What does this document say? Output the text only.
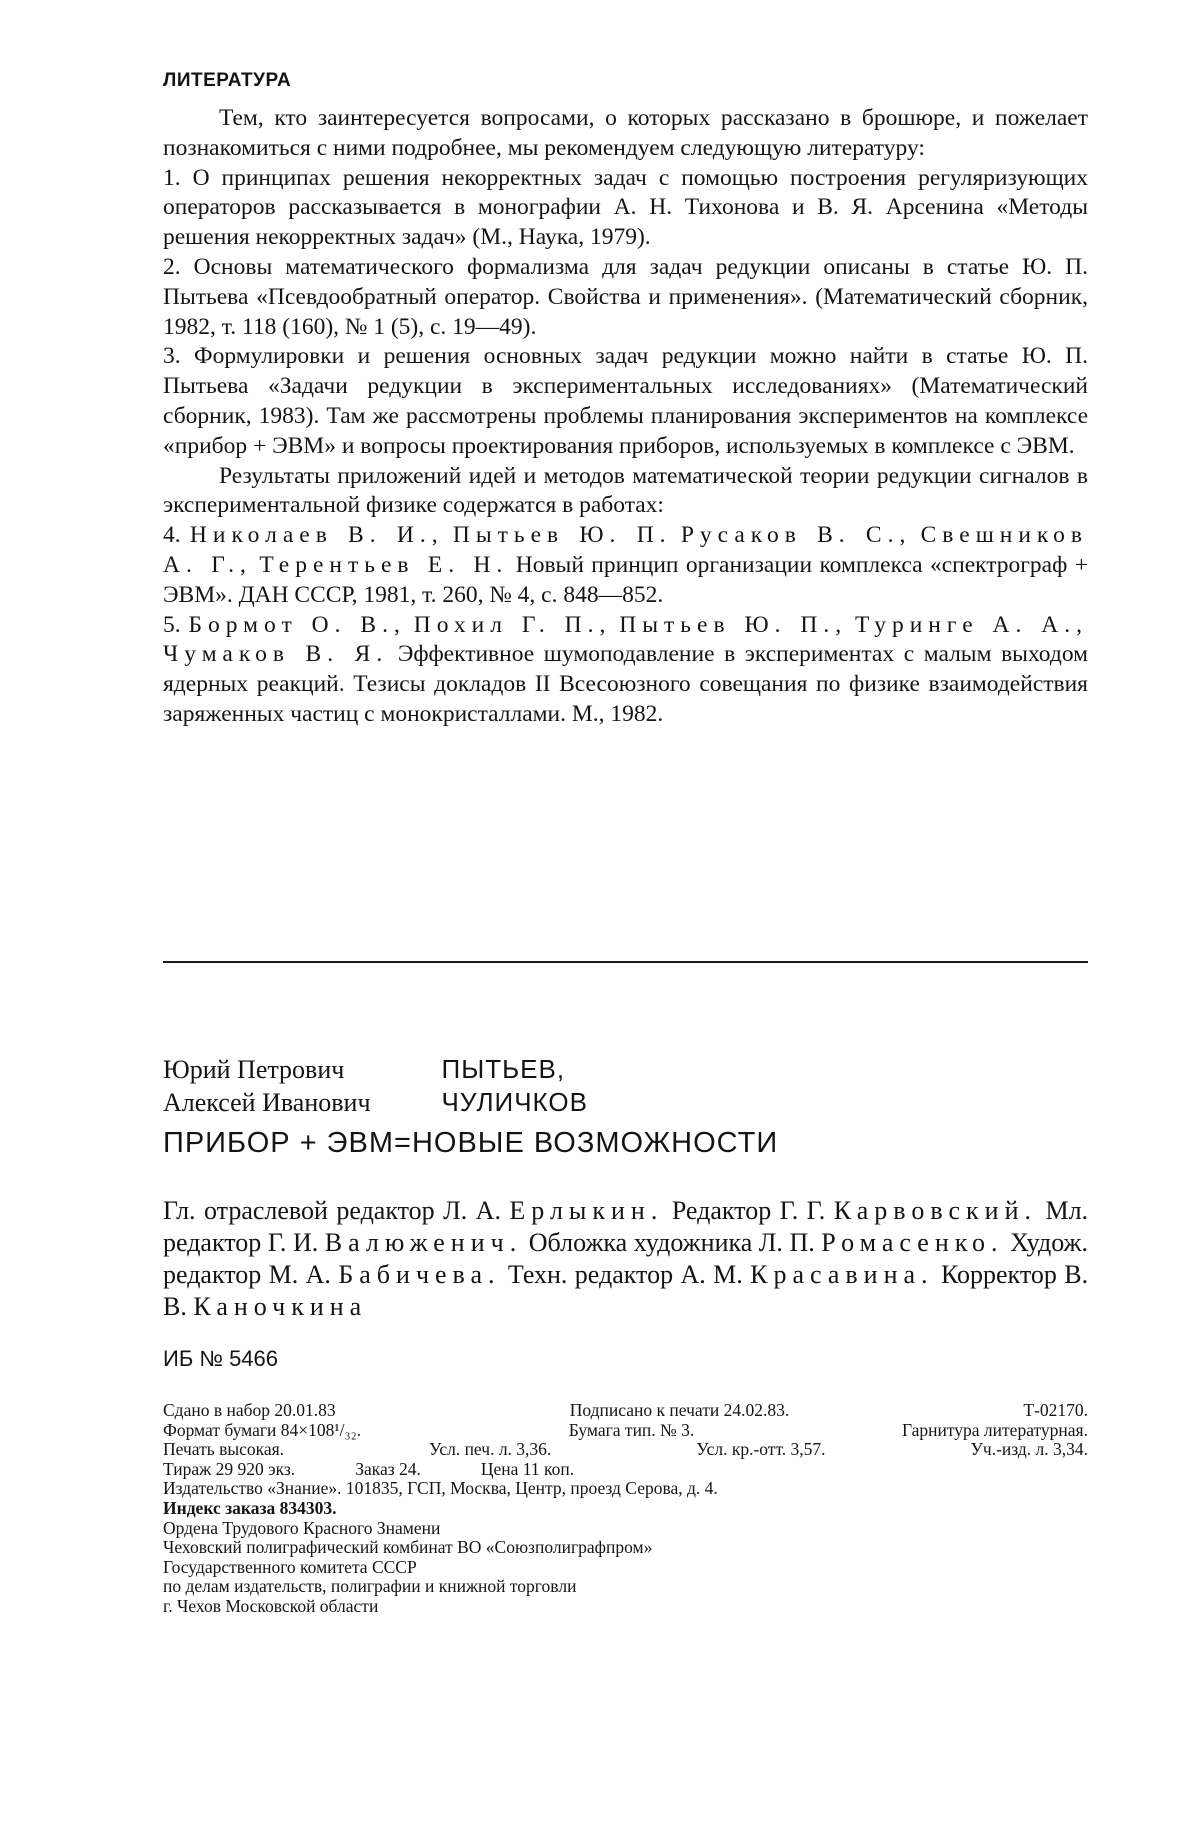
ЛИТЕРАТУРА

Тем, кто заинтересуется вопросами, о которых рассказано в брошюре, и пожелает познакомиться с ними подробнее, мы рекомендуем следующую литературу:

1. О принципах решения некорректных задач с помощью построения регуляризующих операторов рассказывается в монографии А. Н. Тихонова и В. Я. Арсенина «Методы решения некорректных задач» (М., Наука, 1979).

2. Основы математического формализма для задач редукции описаны в статье Ю. П. Пытьева «Псевдообратный оператор. Свойства и применения». (Математический сборник, 1982, т. 118 (160), № 1 (5), с. 19—49).

3. Формулировки и решения основных задач редукции можно найти в статье Ю. П. Пытьева «Задачи редукции в экспериментальных исследованиях» (Математический сборник, 1983). Там же рассмотрены проблемы планирования экспериментов на комплексе «прибор + ЭВМ» и вопросы проектирования приборов, используемых в комплексе с ЭВМ.

Результаты приложений идей и методов математической теории редукции сигналов в экспериментальной физике содержатся в работах:

4. Николаев В. И., Пытьев Ю. П. Русаков В. С., Свешников А. Г., Терентьев Е. Н. Новый принцип организации комплекса «спектрограф + ЭВМ». ДАН СССР, 1981, т. 260, № 4, с. 848—852.

5. Бормот О. В., Похил Г. П., Пытьев Ю. П., Туринге А. А., Чумаков В. Я. Эффективное шумоподавление в экспериментах с малым выходом ядерных реакций. Тезисы докладов II Всесоюзного совещания по физике взаимодействия заряженных частиц с монокристаллами. М., 1982.

Юрий Петрович	ПЫТЬЕВ,
Алексей Иванович	ЧУЛИЧКОВ
ПРИБОР + ЭВМ=НОВЫЕ ВОЗМОЖНОСТИ

Гл. отраслевой редактор Л. А. Ерлыкин. Редактор Г. Г. Карвовский. Мл. редактор Г. И. Валюженич. Обложка художника Л. П. Ромасенко. Худож. редактор М. А. Бабичева. Техн. редактор А. М. Красавина. Корректор В. В. Каночкина

ИБ № 5466
Сдано в набор 20.01.83	Подписано к печати 24.02.83.	Т-02170.
Формат бумаги 84×108¹/₃₂.	Бумага тип. № 3.	Гарнитура литературная.
Печать высокая.	Усл. печ. л. 3,36.	Усл. кр.-отт. 3,57.	Уч.-изд. л. 3,34.
Тираж 29 920 экз.	Заказ 24.	Цена 11 коп.
Издательство «Знание». 101835, ГСП, Москва, Центр, проезд Серова, д. 4.
Индекс заказа 834303.
Ордена Трудового Красного Знамени
Чеховский полиграфический комбинат ВО «Союзполиграфпром»
Государственного комитета СССР
по делам издательств, полиграфии и книжной торговли
г. Чехов Московской области
